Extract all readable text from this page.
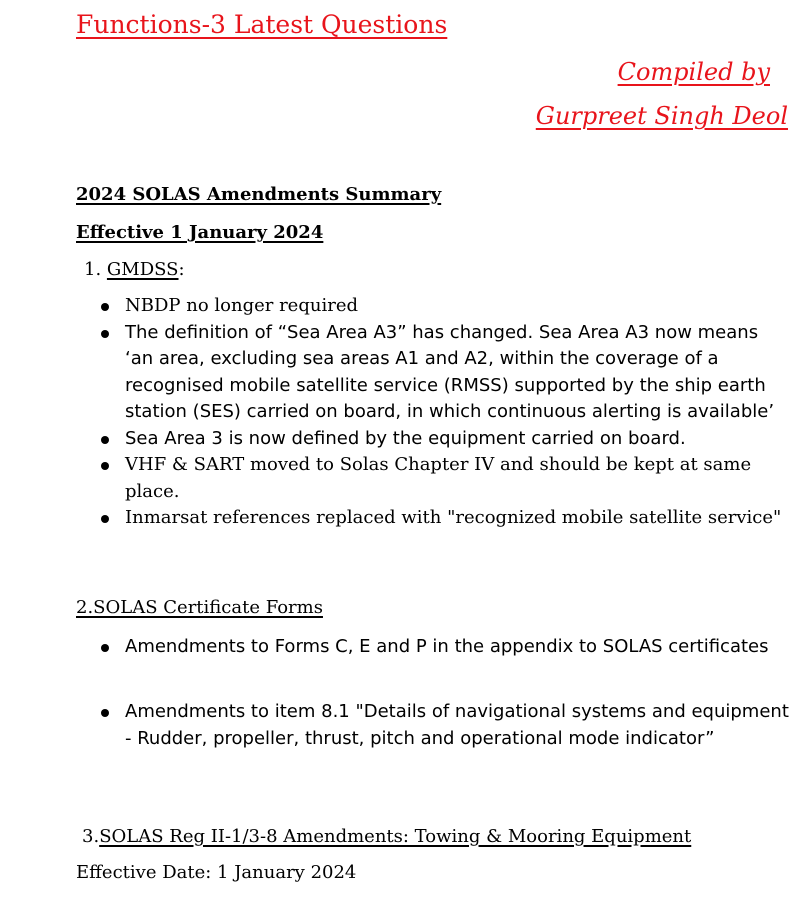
Functions-3 Latest Questions
Compiled by
Gurpreet Singh Deol
2024 SOLAS Amendments Summary
Effective 1 January 2024
1. GMDSS:
NBDP no longer required
The definition of “Sea Area A3” has changed. Sea Area A3 now means ‘an area, excluding sea areas A1 and A2, within the coverage of a recognised mobile satellite service (RMSS) supported by the ship earth station (SES) carried on board, in which continuous alerting is available’
Sea Area 3 is now defined by the equipment carried on board.
VHF & SART moved to Solas Chapter IV and should be kept at same place.
Inmarsat references replaced with "recognized mobile satellite service"
2.SOLAS Certificate Forms
Amendments to Forms C, E and P in the appendix to SOLAS certificates
Amendments to item 8.1 "Details of navigational systems and equipment - Rudder, propeller, thrust, pitch and operational mode indicator”
3.SOLAS Reg II-1/3-8 Amendments: Towing & Mooring Equipment
Effective Date: 1 January 2024
